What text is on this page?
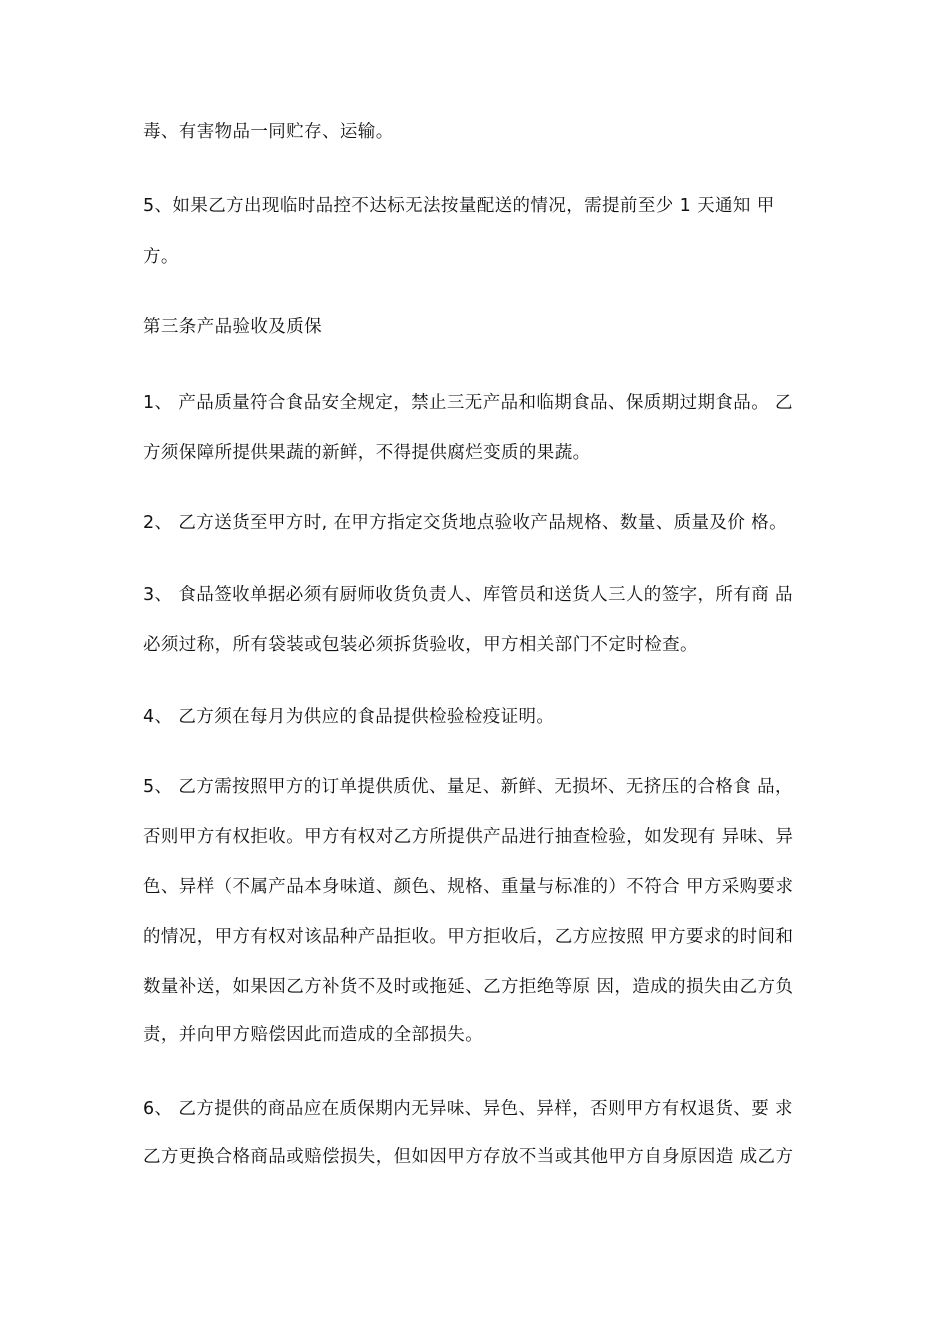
毒、有害物品一同贮存、运输。
5、如果乙方出现临时品控不达标无法按量配送的情况，需提前至少 1 天通知 甲
方。
第三条产品验收及质保
1、 产品质量符合食品安全规定，禁止三无产品和临期食品、保质期过期食品。 乙
方须保障所提供果蔬的新鲜，不得提供腐烂变质的果蔬。
2、 乙方送货至甲方时, 在甲方指定交货地点验收产品规格、数量、质量及价 格。
3、 食品签收单据必须有厨师收货负责人、库管员和送货人三人的签字，所有商 品
必须过称，所有袋装或包装必须拆货验收，甲方相关部门不定时检查。
4、 乙方须在每月为供应的食品提供检验检疫证明。
5、 乙方需按照甲方的订单提供质优、量足、新鲜、无损坏、无挤压的合格食 品，
否则甲方有权拒收。甲方有权对乙方所提供产品进行抽查检验，如发现有 异味、异
色、异样（不属产品本身味道、颜色、规格、重量与标准的）不符合 甲方采购要求
的情况，甲方有权对该品种产品拒收。甲方拒收后，乙方应按照 甲方要求的时间和
数量补送，如果因乙方补货不及时或拖延、乙方拒绝等原 因，造成的损失由乙方负
责，并向甲方赔偿因此而造成的全部损失。
6、 乙方提供的商品应在质保期内无异味、异色、异样，否则甲方有权退货、要 求
乙方更换合格商品或赔偿损失，但如因甲方存放不当或其他甲方自身原因造 成乙方
